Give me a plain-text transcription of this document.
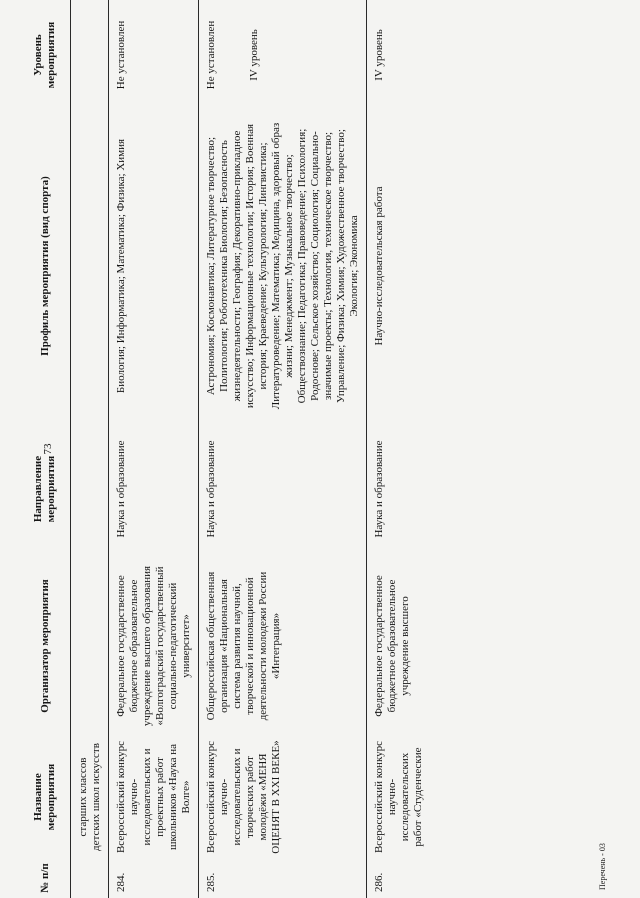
73
№ п/п	Название мероприятия	Организатор мероприятия	Направление мероприятия	Профиль мероприятия (вид спорта)	Уровень мероприятия
	старших классов детских школ искусств				
284.	Всероссийский конкурс научно-исследовательских и проектных работ школьников «Наука на Волге»	Федеральное государственное бюджетное образовательное учреждение высшего образования «Волгоградский государственный социально-педагогический университет»	Наука и образование	Биология; Информатика; Математика; Физика; Химия	Не установлен
285.	Всероссийский конкурс научно-исследовательских и творческих работ молодёжи «МЕНЯ ОЦЕНЯТ В XXI ВЕКЕ»	Общероссийская общественная организация «Национальная система развития научной, творческой и инновационной деятельности молодежи России «Интеграция»	Наука и образование	Астрономия; Космонавтика; Литературное творчество; Политология; Робототехника Биология; Безопасность жизнедеятельности; География; Декоративно-прикладное искусство; Информационные технологии; История; Военная история; Краеведение; Культурология; Лингвистика; Литературоведение; Математика; Медицина, здоровый образ жизни; Менеджмент; Музыкальное творчество; Обществознание; Педагогика; Правоведение; Психология; Родоснове; Сельское хозяйство; Социология; Социально-значимые проекты; Технология, техническое творчество; Управление; Физика; Химия; Художественное творчество; Экология; Экономика	Не установлен IV уровень

286.	Всероссийский конкурс научно-исследовательских работ «Студенческие	Федеральное государственное бюджетное образовательное учреждение высшего	Наука и образование	Научно-исследовательская работа	IV уровень
Перечень - 03
